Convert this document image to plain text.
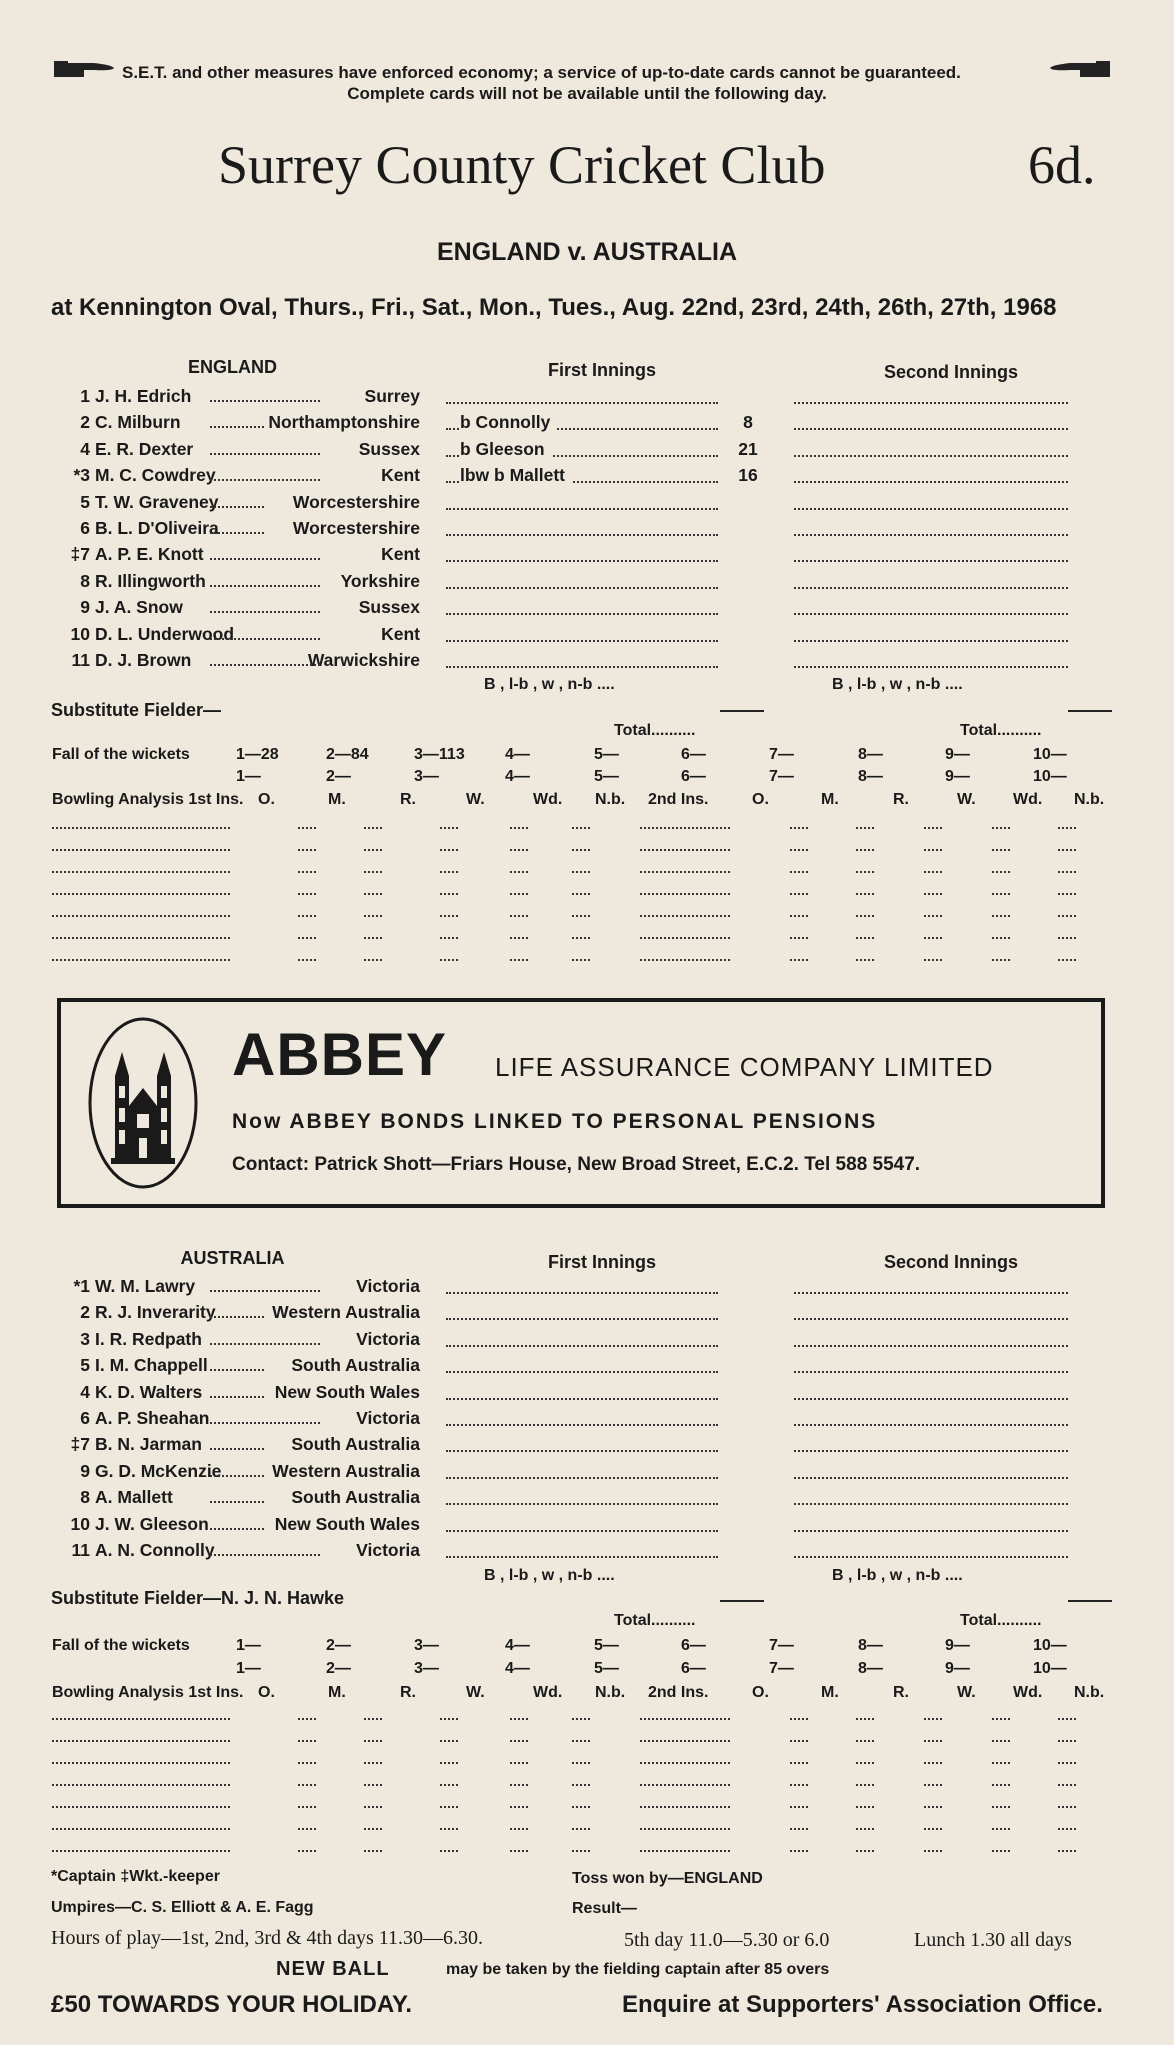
S.E.T. and other measures have enforced economy; a service of up-to-date cards cannot be guaranteed.
Complete cards will not be available until the following day.
Surrey County Cricket Club	6d.
ENGLAND v. AUSTRALIA
at Kennington Oval, Thurs., Fri., Sat., Mon., Tues., Aug. 22nd, 23rd, 24th, 26th, 27th, 1968
ENGLAND	First Innings	Second Innings
1 J. H. Edrich	Surrey
2 C. Milburn	Northamptonshire b Connolly	8
4 E. R. Dexter	Sussex b Gleeson	21
*3 M. C. Cowdrey	Kent lbw b Mallett	16
5 T. W. Graveney	Worcestershire
6 B. L. D'Oliveira	Worcestershire
‡7 A. P. E. Knott	Kent
8 R. Illingworth	Yorkshire
9 J. A. Snow	Sussex
10 D. L. Underwood	Kent
11 D. J. Brown	Warwickshire
B , l-b , w , n-b ....	B , l-b , w , n-b ....
Substitute Fielder—
Total..........	Total..........
Fall of the wickets	1—28	2—84	3—113	4—	5—	6—	7—	8—	9—	10—
1—	2—	3—	4—	5—	6—	7—	8—	9—	10—
Bowling Analysis 1st Ins. O.	M.	R.	W.	Wd. N.b. 2nd Ins.	O.	M.	R.	W. Wd. N.b.
ABBEY LIFE ASSURANCE COMPANY LIMITED
Now ABBEY BONDS LINKED TO PERSONAL PENSIONS
Contact: Patrick Shott—Friars House, New Broad Street, E.C.2. Tel 588 5547.
AUSTRALIA	First Innings	Second Innings
*1 W. M. Lawry	Victoria
2 R. J. Inverarity	Western Australia
3 I. R. Redpath	Victoria
5 I. M. Chappell	South Australia
4 K. D. Walters	New South Wales
6 A. P. Sheahan	Victoria
‡7 B. N. Jarman	South Australia
9 G. D. McKenzie	Western Australia
8 A. Mallett	South Australia
10 J. W. Gleeson	New South Wales
11 A. N. Connolly	Victoria
B , l-b , w , n-b ....	B , l-b , w , n-b ....
Substitute Fielder—N. J. N. Hawke
Total..........	Total..........
Fall of the wickets	1—	2—	3—	4—	5—	6—	7—	8—	9—	10—
1—	2—	3—	4—	5—	6—	7—	8—	9—	10—
Bowling Analysis 1st Ins. O.	M.	R.	W.	Wd. N.b. 2nd Ins.	O.	M.	R.	W. Wd. N.b.
*Captain ‡Wkt.-keeper	Toss won by—ENGLAND
Umpires—C. S. Elliott & A. E. Fagg	Result—
Hours of play—1st, 2nd, 3rd & 4th days 11.30—6.30.	5th day 11.0—5.30 or 6.0	Lunch 1.30 all days
NEW BALL	may be taken by the fielding captain after 85 overs
£50 TOWARDS YOUR HOLIDAY.	Enquire at Supporters' Association Office.
